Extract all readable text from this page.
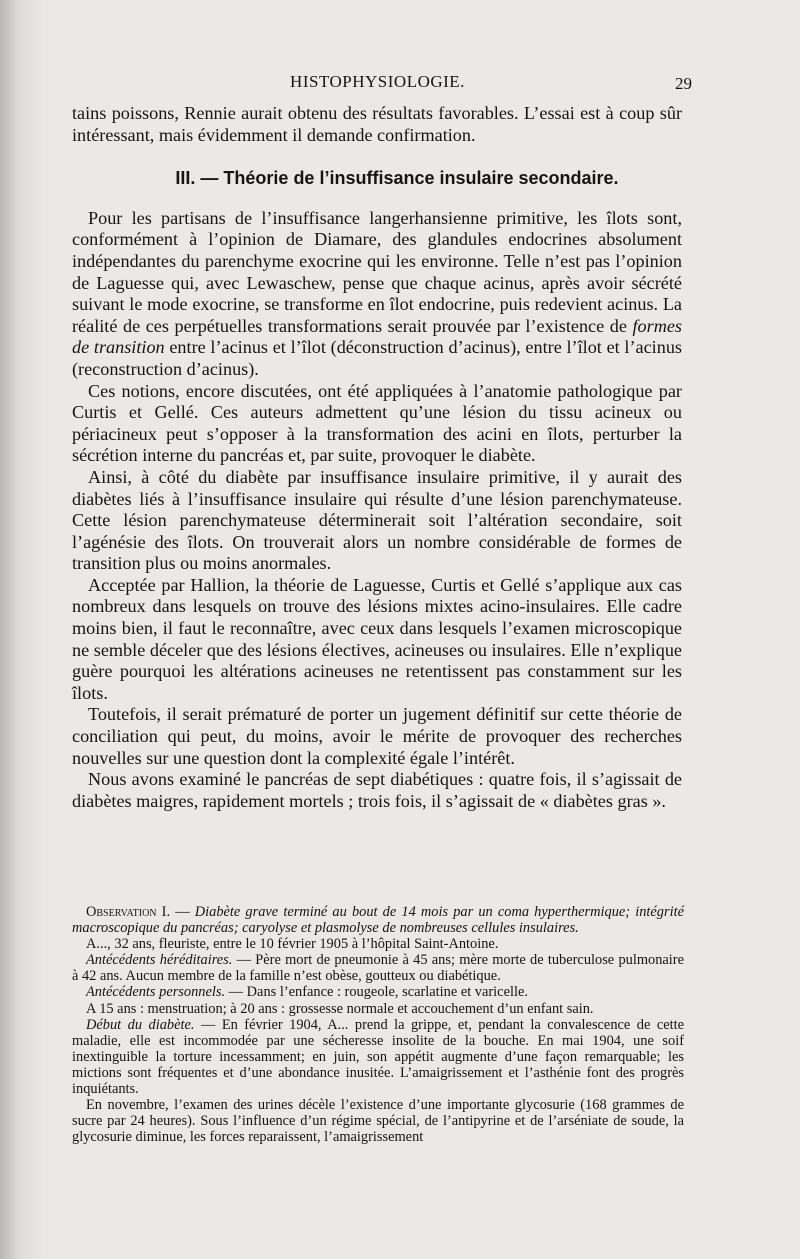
HISTOPHYSIOLOGIE.	29

tains poissons, Rennie aurait obtenu des résultats favorables. L’essai est à coup sûr intéressant, mais évidemment il demande confirmation.

III. — Théorie de l’insuffisance insulaire secondaire.

Pour les partisans de l’insuffisance langerhansienne primitive, les îlots sont, conformément à l’opinion de Diamare, des glandules endocrines absolument indépendantes du parenchyme exocrine qui les environne. Telle n’est pas l’opinion de Laguesse qui, avec Lewaschew, pense que chaque acinus, après avoir sécrété suivant le mode exocrine, se transforme en îlot endocrine, puis redevient acinus. La réalité de ces perpétuelles transformations serait prouvée par l’existence de formes de transition entre l’acinus et l’îlot (déconstruction d’acinus), entre l’îlot et l’acinus (reconstruction d’acinus).

Ces notions, encore discutées, ont été appliquées à l’anatomie pathologique par Curtis et Gellé. Ces auteurs admettent qu’une lésion du tissu acineux ou périacineux peut s’opposer à la transformation des acini en îlots, perturber la sécrétion interne du pancréas et, par suite, provoquer le diabète.

Ainsi, à côté du diabète par insuffisance insulaire primitive, il y aurait des diabètes liés à l’insuffisance insulaire qui résulte d’une lésion parenchymateuse. Cette lésion parenchymateuse déterminerait soit l’altération secondaire, soit l’agénésie des îlots. On trouverait alors un nombre considérable de formes de transition plus ou moins anormales.

Acceptée par Hallion, la théorie de Laguesse, Curtis et Gellé s’applique aux cas nombreux dans lesquels on trouve des lésions mixtes acino-insulaires. Elle cadre moins bien, il faut le reconnaître, avec ceux dans lesquels l’examen microscopique ne semble déceler que des lésions électives, acineuses ou insulaires. Elle n’explique guère pourquoi les altérations acineuses ne retentissent pas constamment sur les îlots.

Toutefois, il serait prématuré de porter un jugement définitif sur cette théorie de conciliation qui peut, du moins, avoir le mérite de provoquer des recherches nouvelles sur une question dont la complexité égale l’intérêt.

Nous avons examiné le pancréas de sept diabétiques : quatre fois, il s’agissait de diabètes maigres, rapidement mortels ; trois fois, il s’agissait de « diabètes gras ».

Observation I. — Diabète grave terminé au bout de 14 mois par un coma hyperthermique; intégrité macroscopique du pancréas; caryolyse et plasmolyse de nombreuses cellules insulaires.

A..., 32 ans, fleuriste, entre le 10 février 1905 à l’hôpital Saint-Antoine.

Antécédents héréditaires. — Père mort de pneumonie à 45 ans; mère morte de tuberculose pulmonaire à 42 ans. Aucun membre de la famille n’est obèse, goutteux ou diabétique.

Antécédents personnels. — Dans l’enfance : rougeole, scarlatine et varicelle.

A 15 ans : menstruation; à 20 ans : grossesse normale et accouchement d’un enfant sain.

Début du diabète. — En février 1904, A... prend la grippe, et, pendant la convalescence de cette maladie, elle est incommodée par une sécheresse insolite de la bouche. En mai 1904, une soif inextinguible la torture incessamment; en juin, son appétit augmente d’une façon remarquable; les mictions sont fréquentes et d’une abondance inusitée. L’amaigrissement et l’asthénie font des progrès inquiétants.

En novembre, l’examen des urines décèle l’existence d’une importante glycosurie (168 grammes de sucre par 24 heures). Sous l’influence d’un régime spécial, de l’antipyrine et de l’arséniate de soude, la glycosurie diminue, les forces reparaissent, l’amaigrissement
